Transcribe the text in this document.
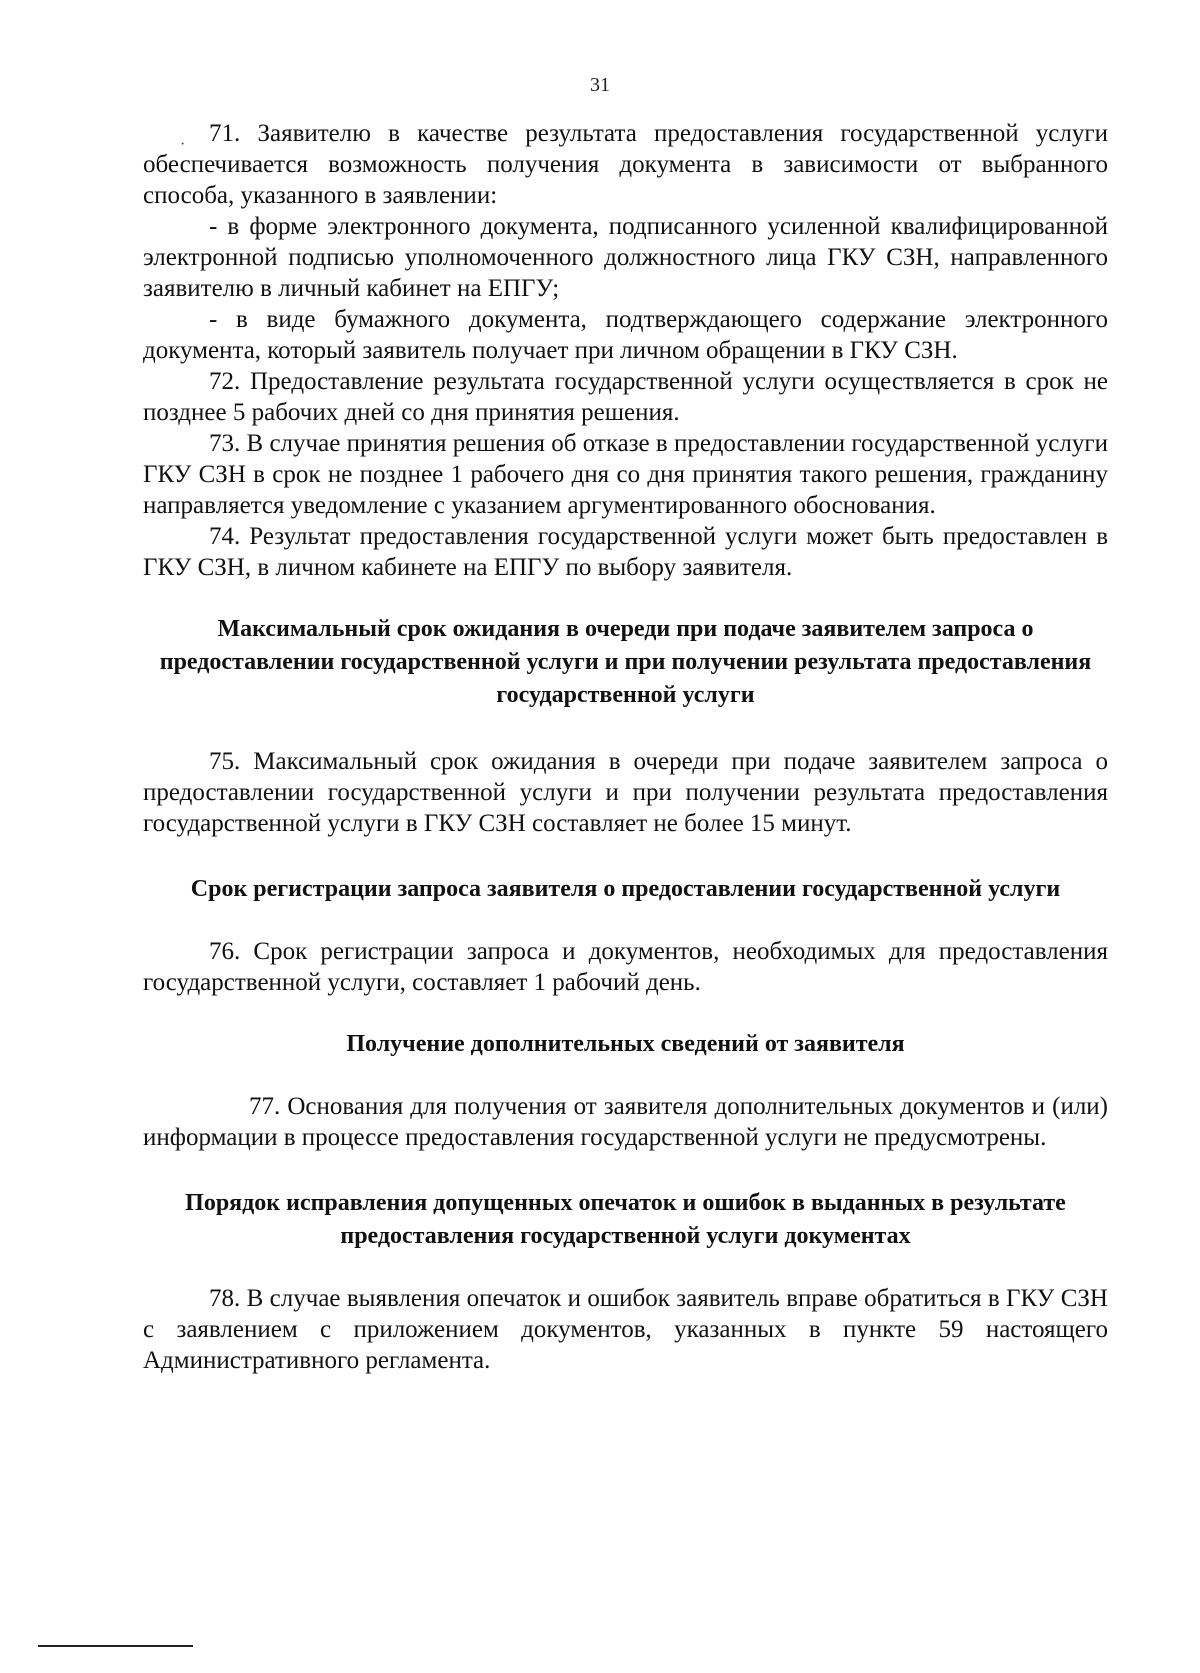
31
· 71. Заявителю в качестве результата предоставления государственной услуги обеспечивается возможность получения документа в зависимости от выбранного способа, указанного в заявлении:

- в форме электронного документа, подписанного усиленной квалифицированной электронной подписью уполномоченного должностного лица ГКУ СЗН, направленного заявителю в личный кабинет на ЕПГУ;

- в виде бумажного документа, подтверждающего содержание электронного документа, который заявитель получает при личном обращении в ГКУ СЗН.

72. Предоставление результата государственной услуги осуществляется в срок не позднее 5 рабочих дней со дня принятия решения.

73. В случае принятия решения об отказе в предоставлении государственной услуги ГКУ СЗН в срок не позднее 1 рабочего дня со дня принятия такого решения, гражданину направляется уведомление с указанием аргументированного обоснования.

74. Результат предоставления государственной услуги может быть предоставлен в ГКУ СЗН, в личном кабинете на ЕПГУ по выбору заявителя.

Максимальный срок ожидания в очереди при подаче заявителем запроса о предоставлении государственной услуги и при получении результата предоставления государственной услуги

75. Максимальный срок ожидания в очереди при подаче заявителем запроса о предоставлении государственной услуги и при получении результата предоставления государственной услуги в ГКУ СЗН составляет не более 15 минут.

Срок регистрации запроса заявителя о предоставлении государственной услуги

76. Срок регистрации запроса и документов, необходимых для предоставления государственной услуги, составляет 1 рабочий день.

Получение дополнительных сведений от заявителя

77. Основания для получения от заявителя дополнительных документов и (или) информации в процессе предоставления государственной услуги не предусмотрены.

Порядок исправления допущенных опечаток и ошибок в выданных в результате предоставления государственной услуги документах

78. В случае выявления опечаток и ошибок заявитель вправе обратиться в ГКУ СЗН с заявлением с приложением документов, указанных в пункте 59 настоящего Административного регламента.
